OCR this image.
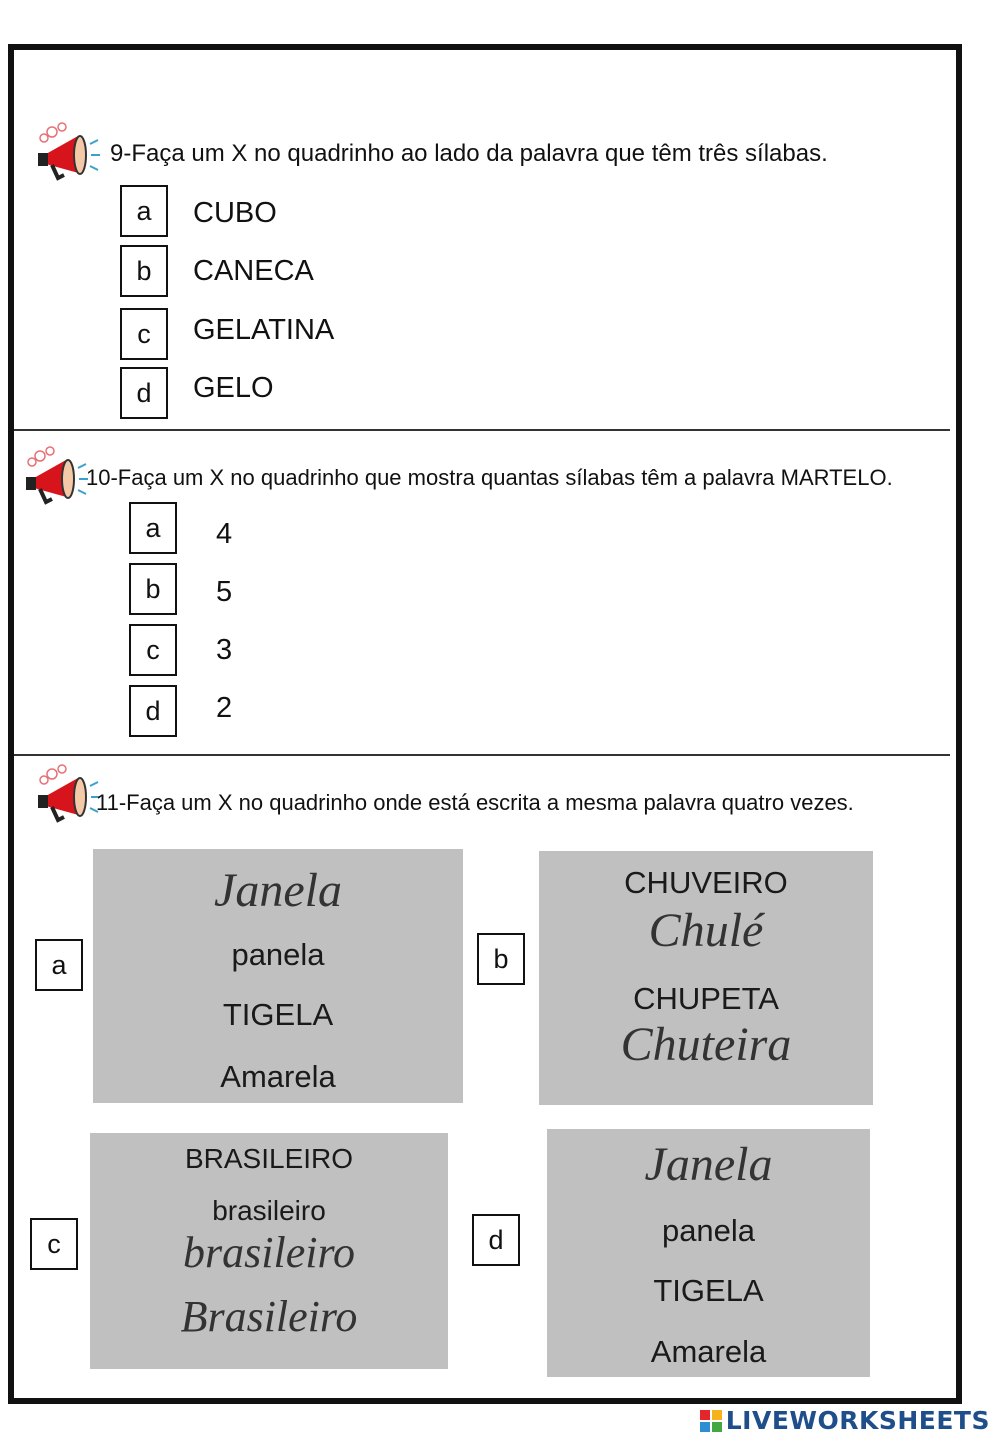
9-Faça um X no quadrinho ao lado da palavra que têm três sílabas.
a	CUBO
b	CANECA
c	GELATINA
d	GELO
10-Faça um X no quadrinho que mostra quantas sílabas têm a palavra MARTELO.
a	4
b	5
c	3
d	2
11-Faça um X no quadrinho onde está escrita a mesma palavra quatro vezes.
a
Janela
panela
TIGELA
Amarela
b
CHUVEIRO
Chulé
CHUPETA
Chuteira
c
BRASILEIRO
brasileiro
brasileiro
Brasileiro
d
Janela
panela
TIGELA
Amarela
LIVEWORKSHEETS
